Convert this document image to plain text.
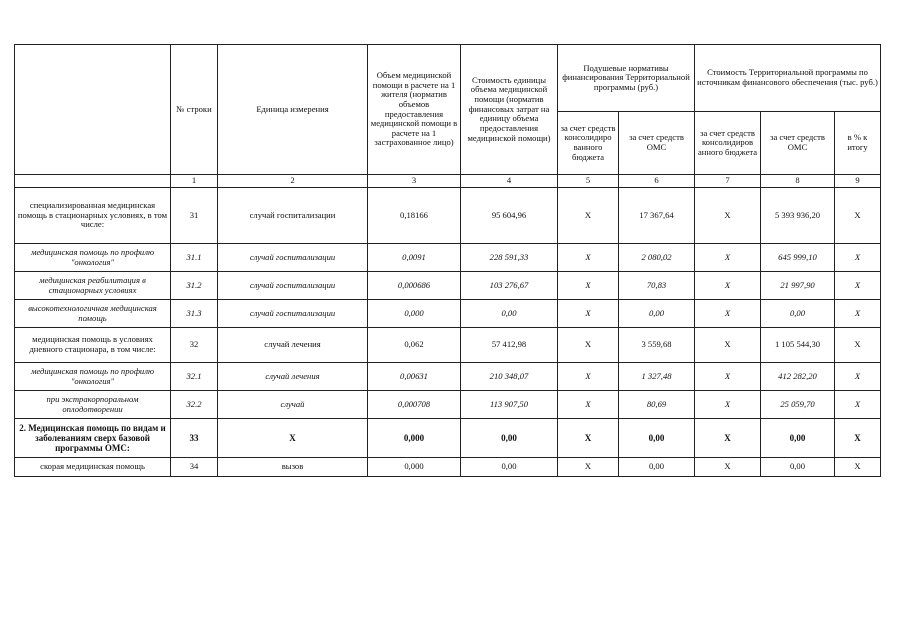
	№ строки	Единица измерения	Объем медицинской помощи в расчете на 1 жителя (норматив объемов предоставления медицинской помощи в расчете на 1 застрахованное лицо)	Стоимость единицы объема медицинской помощи (норматив финансовых затрат на единицу объема предоставления медицинской помощи)	Подушевые нормативы финансирования Территориальной программы (руб.)		Стоимость Территориальной программы по источникам финансового обеспечения (тыс. руб.)		
					за счет средств консолидиро ванного бюджета	за счет средств ОМС	за счет средств консолидиров анного бюджета	за счет средств ОМС	в % к итогу
	1	2	3	4	5	6	7	8	9
специализированная медицинская помощь в стационарных условиях, в том числе:	31	случай госпитализации	0,18166	95 604,96	X	17 367,64	X	5 393 936,20	X
медицинская помощь по профилю "онкология"	31.1	случай госпитализации	0,0091	228 591,33	X	2 080,02	X	645 999,10	X
медицинская реабилитация в стационарных условиях	31.2	случай госпитализации	0,000686	103 276,67	X	70,83	X	21 997,90	X
высокотехнологичная медицинская помощь	31.3	случай госпитализации	0,000	0,00	X	0,00	X	0,00	X
медицинская помощь в условиях дневного стационара, в том числе:	32	случай лечения	0,062	57 412,98	X	3 559,68	X	1 105 544,30	X
медицинская помощь по профилю "онкология"	32.1	случай лечения	0,00631	210 348,07	X	1 327,48	X	412 282,20	X
при экстракорпоральном оплодотворении	32.2	случай	0,000708	113 907,50	X	80,69	X	25 059,70	X
2. Медицинская помощь по видам и заболеваниям сверх базовой программы ОМС:	33	X	0,000	0,00	X	0,00	X	0,00	X
скорая медицинская помощь	34	вызов	0,000	0,00	X	0,00	X	0,00	X
